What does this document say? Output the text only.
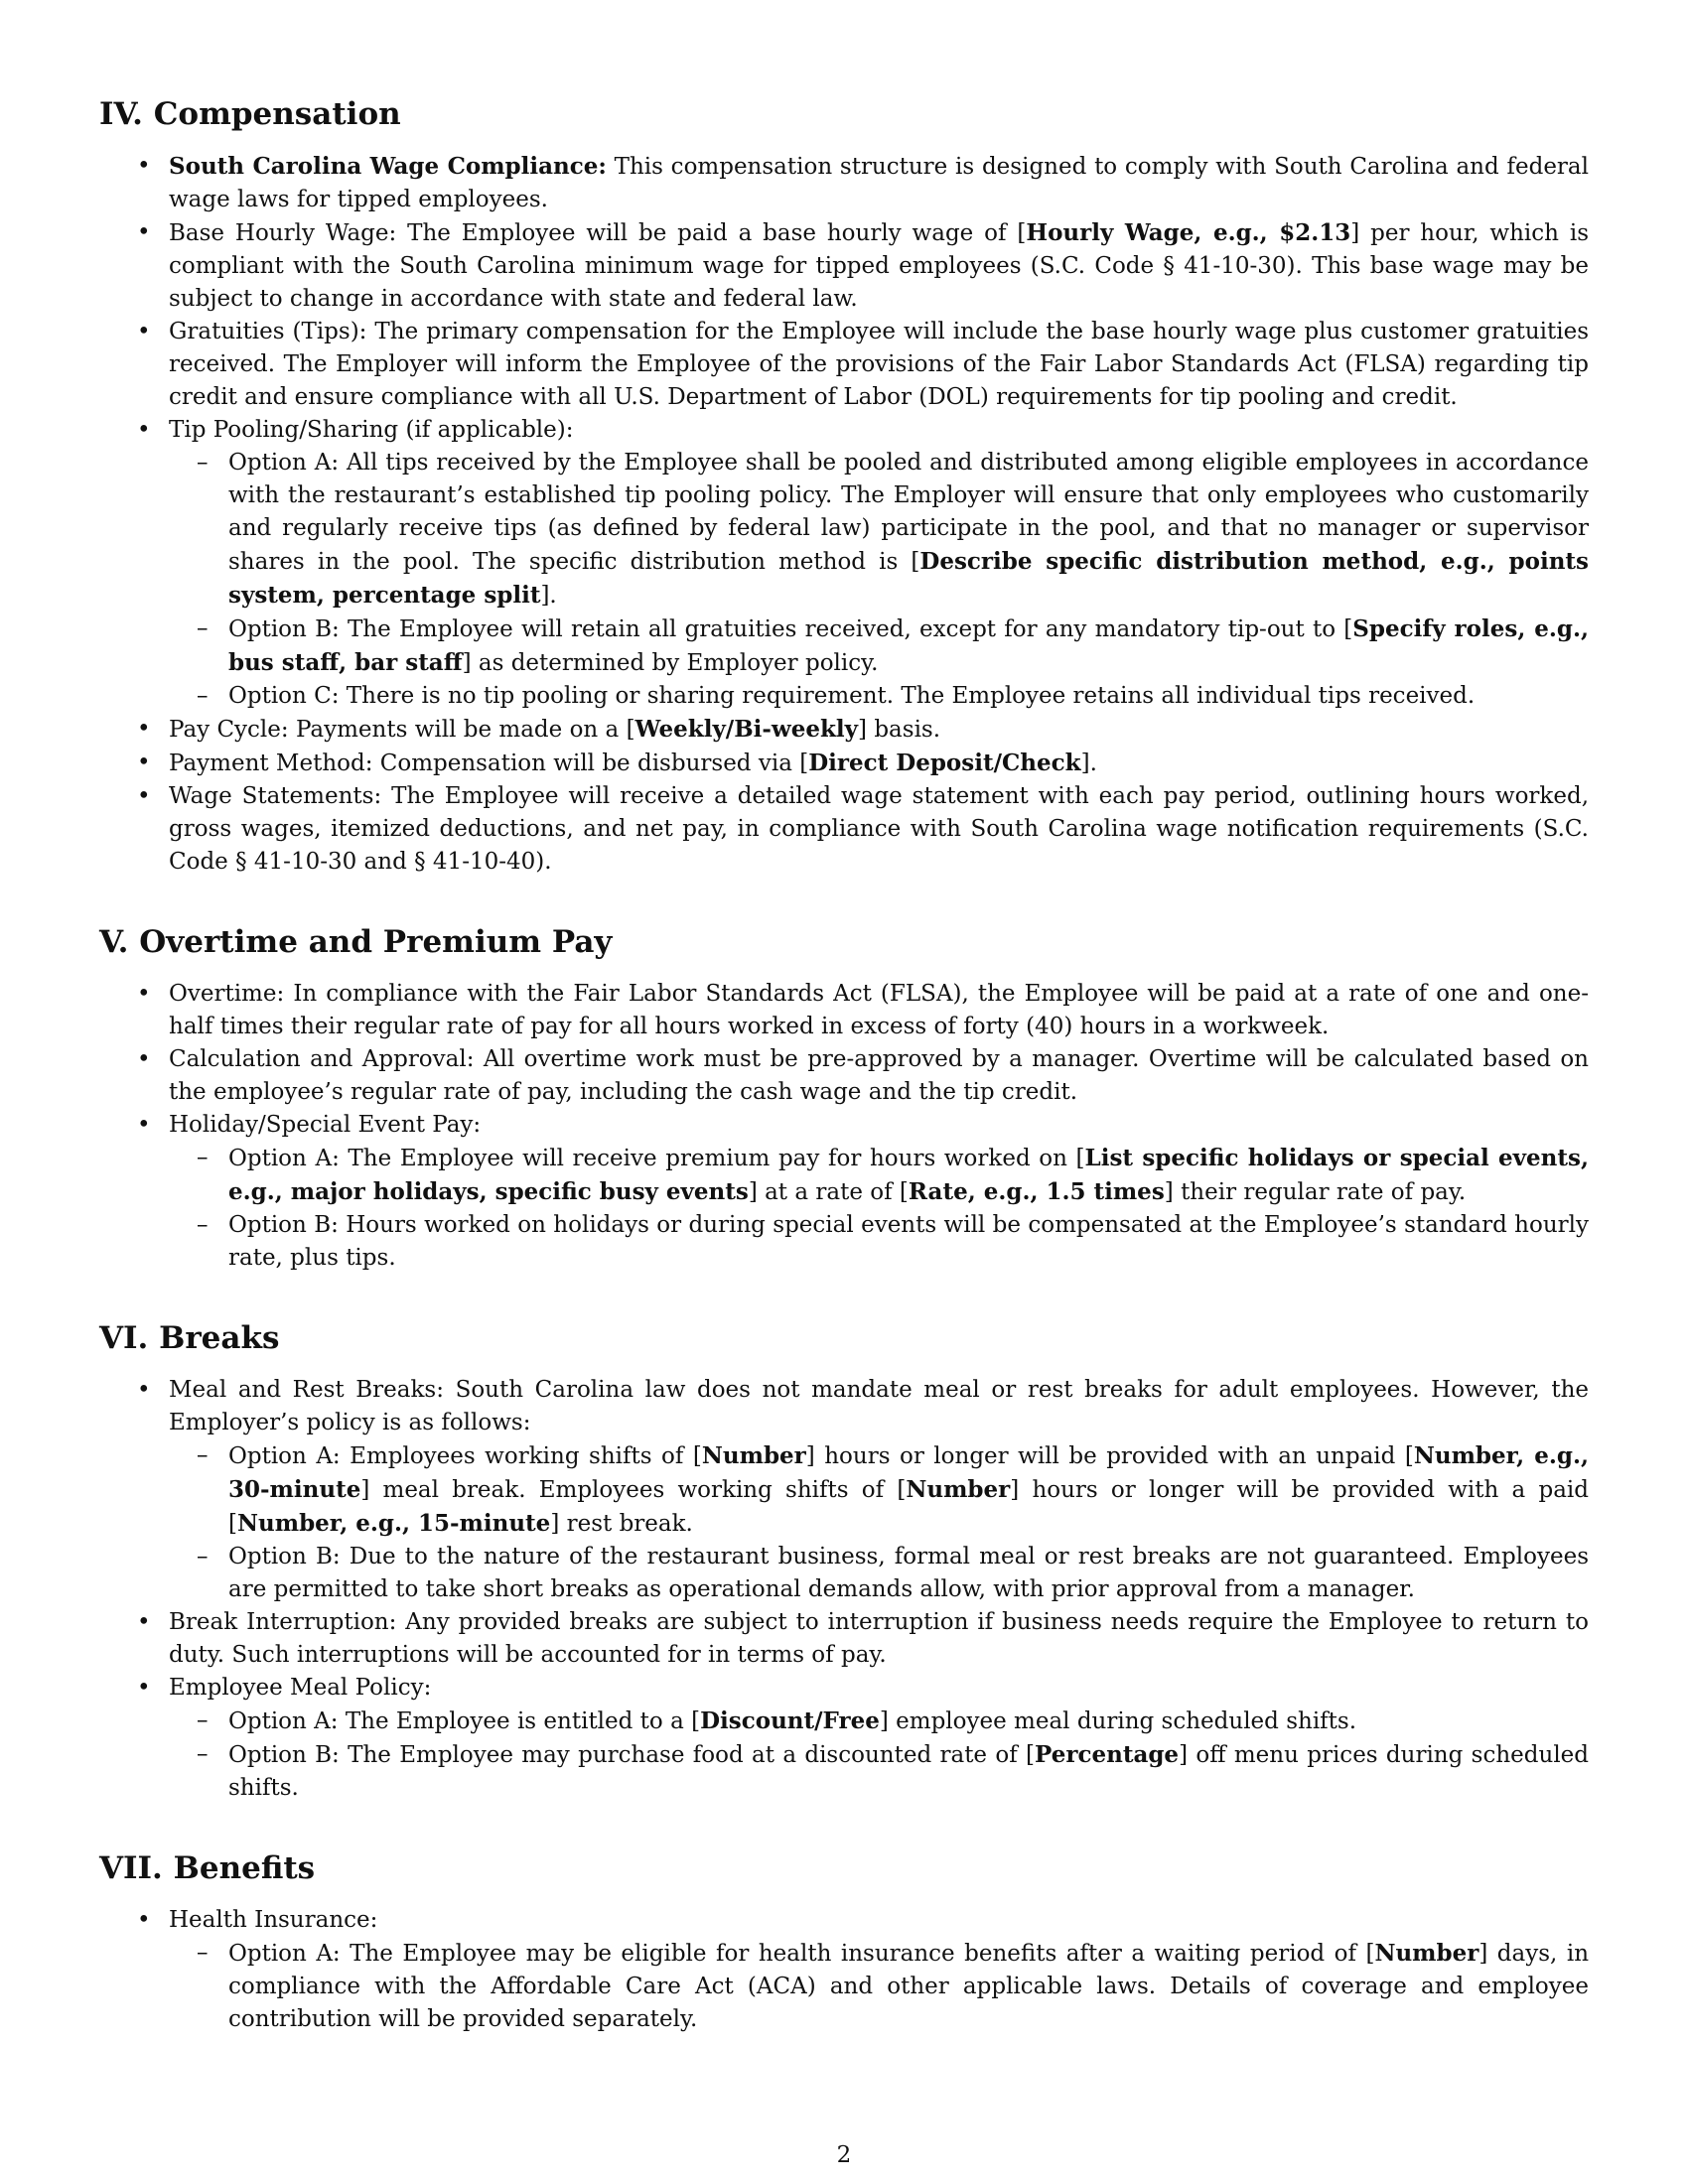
IV. Compensation
• South Carolina Wage Compliance: This compensation structure is designed to comply with South Carolina and federal wage laws for tipped employees.
• Base Hourly Wage: The Employee will be paid a base hourly wage of [Hourly Wage, e.g., $2.13] per hour, which is compliant with the South Carolina minimum wage for tipped employees (S.C. Code § 41-10-30). This base wage may be subject to change in accordance with state and federal law.
• Gratuities (Tips): The primary compensation for the Employee will include the base hourly wage plus customer gratuities received. The Employer will inform the Employee of the provisions of the Fair Labor Standards Act (FLSA) regarding tip credit and ensure compliance with all U.S. Department of Labor (DOL) requirements for tip pooling and credit.
• Tip Pooling/Sharing (if applicable):
– Option A: All tips received by the Employee shall be pooled and distributed among eligible employees in accordance with the restaurant’s established tip pooling policy. The Employer will ensure that only employees who customarily and regularly receive tips (as defined by federal law) participate in the pool, and that no manager or supervisor shares in the pool. The specific distribution method is [Describe specific distribution method, e.g., points system, percentage split].
– Option B: The Employee will retain all gratuities received, except for any mandatory tip-out to [Specify roles, e.g., bus staff, bar staff] as determined by Employer policy.
– Option C: There is no tip pooling or sharing requirement. The Employee retains all individual tips received.
• Pay Cycle: Payments will be made on a [Weekly/Bi-weekly] basis.
• Payment Method: Compensation will be disbursed via [Direct Deposit/Check].
• Wage Statements: The Employee will receive a detailed wage statement with each pay period, outlining hours worked, gross wages, itemized deductions, and net pay, in compliance with South Carolina wage notification requirements (S.C. Code § 41-10-30 and § 41-10-40).
V. Overtime and Premium Pay
• Overtime: In compliance with the Fair Labor Standards Act (FLSA), the Employee will be paid at a rate of one and one-half times their regular rate of pay for all hours worked in excess of forty (40) hours in a workweek.
• Calculation and Approval: All overtime work must be pre-approved by a manager. Overtime will be calculated based on the employee’s regular rate of pay, including the cash wage and the tip credit.
• Holiday/Special Event Pay:
– Option A: The Employee will receive premium pay for hours worked on [List specific holidays or special events, e.g., major holidays, specific busy events] at a rate of [Rate, e.g., 1.5 times] their regular rate of pay.
– Option B: Hours worked on holidays or during special events will be compensated at the Employee’s standard hourly rate, plus tips.
VI. Breaks
• Meal and Rest Breaks: South Carolina law does not mandate meal or rest breaks for adult employees. However, the Employer’s policy is as follows:
– Option A: Employees working shifts of [Number] hours or longer will be provided with an unpaid [Number, e.g., 30-minute] meal break. Employees working shifts of [Number] hours or longer will be provided with a paid [Number, e.g., 15-minute] rest break.
– Option B: Due to the nature of the restaurant business, formal meal or rest breaks are not guaranteed. Employees are permitted to take short breaks as operational demands allow, with prior approval from a manager.
• Break Interruption: Any provided breaks are subject to interruption if business needs require the Employee to return to duty. Such interruptions will be accounted for in terms of pay.
• Employee Meal Policy:
– Option A: The Employee is entitled to a [Discount/Free] employee meal during scheduled shifts.
– Option B: The Employee may purchase food at a discounted rate of [Percentage] off menu prices during scheduled shifts.
VII. Benefits
• Health Insurance:
– Option A: The Employee may be eligible for health insurance benefits after a waiting period of [Number] days, in compliance with the Affordable Care Act (ACA) and other applicable laws. Details of coverage and employee contribution will be provided separately.
2
